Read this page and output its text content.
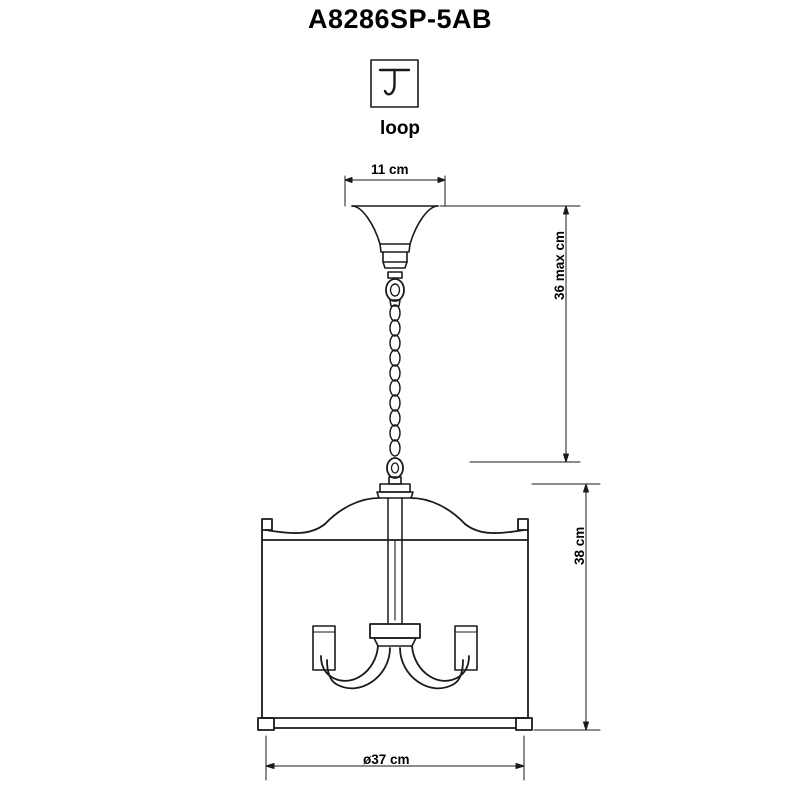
A8286SP-5AB
loop
11 cm
ø37 cm
36 max cm
38 cm
